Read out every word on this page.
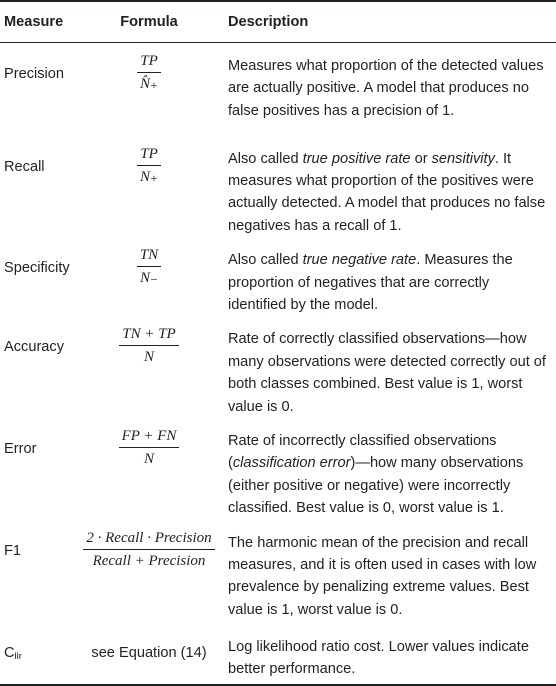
Measure	Formula	Description
Precision	$\frac{TP}{N̂_+}$	Measures what proportion of the detected values are actually positive. A model that produces no false positives has a precision of 1.
Recall	$\frac{TP}{N_+}$	Also called true positive rate or sensitivity. It measures what proportion of the positives were actually detected. A model that produces no false negatives has a recall of 1.
Specificity	$\frac{TN}{N_-}$	Also called true negative rate. Measures the proportion of negatives that are correctly identified by the model.
Accuracy	$\frac{TN + TP}{N}$	Rate of correctly classified observations—how many observations were detected correctly out of both classes combined. Best value is 1, worst value is 0.
Error	$\frac{FP + FN}{N}$	Rate of incorrectly classified observations (classification error)—how many observations (either positive or negative) were incorrectly classified. Best value is 0, worst value is 1.
F1	$\frac{\text{2 · Recall · Precision}}{\text{Recall + Precision}}$	The harmonic mean of the precision and recall measures, and it is often used in cases with low prevalence by penalizing extreme values. Best value is 1, worst value is 0.
$C_{llr}$	see Equation (14)	Log likelihood ratio cost. Lower values indicate better performance.
